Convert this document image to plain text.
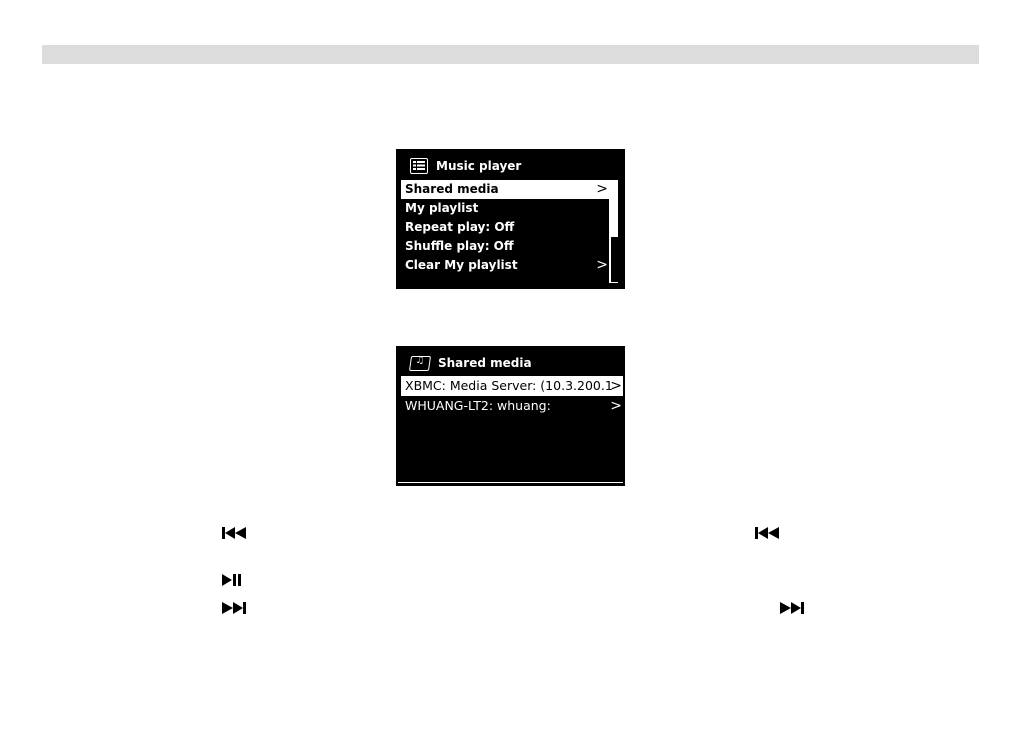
Music player
Shared media	>
My playlist
Repeat play: Off
Shuffle play: Off
Clear My playlist	>
♫
Shared media
XBMC: Media Server: (10.3.200.1
>
WHUANG-LT2: whuang:	>
